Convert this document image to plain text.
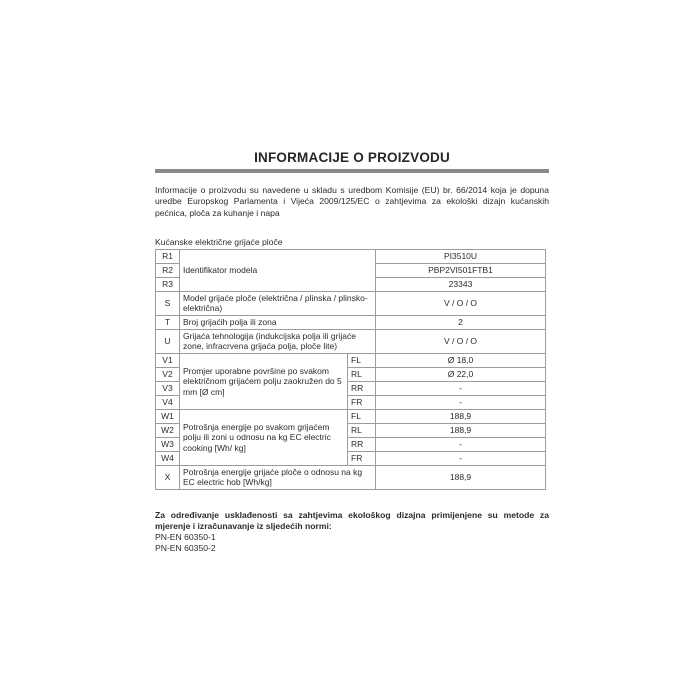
INFORMACIJE O PROIZVODU

Informacije o proizvodu su navedene u skladu s uredbom Komisije (EU) br. 66/2014 koja je dopuna uredbe Europskog Parlamenta i Vijeća 2009/125/EC o zahtjevima za ekološki dizajn kućanskih pećnica, ploča za kuhanje i napa

Kućanske električne grijaće ploče
R1	Identifikator modela		PI3510U
R2			PBP2VI501FTB1
R3			23343
S	Model grijaće ploče (električna / plinska / plinsko-električna)		V / O / O
T	Broj grijaćih polja ili zona		2
U	Grijaća tehnologija (indukcijska polja ili grijaće zone, infracrvena grijaća polja, ploče lite)		V / O / O
V1	Promjer uporabne površine po svakom električnom grijaćem polju zaokružen do 5 mm [Ø cm]	FL	Ø 18,0
V2		RL	Ø 22,0
V3		RR	-
V4		FR	-
W1	Potrošnja energije po svakom grijaćem polju ili zoni u odnosu na kg EC electric cooking [Wh/ kg]	FL	188,9
W2		RL	188,9
W3		RR	-
W4		FR	-
X	Potrošnja energije grijaće ploče o odnosu na kg EC electric hob [Wh/kg]		188,9
Za određivanje usklađenosti sa zahtjevima ekološkog dizajna primijenjene su metode za mjerenje i izračunavanje iz sljedećih normi:
PN-EN 60350-1
PN-EN 60350-2
